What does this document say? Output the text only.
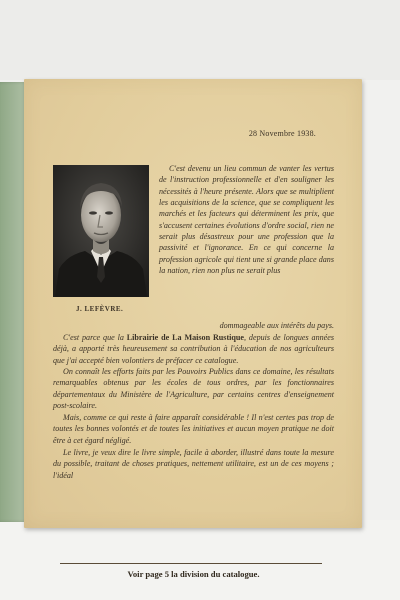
28 Novembre 1938.
J. LEFÈVRE.

C'est devenu un lieu commun de vanter les vertus de l'instruction professionnelle et d'en souligner les nécessités à l'heure présente. Alors que se multiplient les acquisitions de la science, que se compliquent les marchés et les facteurs qui déterminent les prix, que s'accusent certaines évolutions d'ordre social, rien ne serait plus désastreux pour une profession que la passivité et l'ignorance. En ce qui concerne la profession agricole qui tient une si grande place dans la nation, rien non plus ne serait plus

dommageable aux intérêts du pays.

C'est parce que la Librairie de La Maison Rustique, depuis de longues années déjà, a apporté très heureusement sa contribution à l'éducation de nos agriculteurs que j'ai accepté bien volontiers de préfacer ce catalogue.

On connaît les efforts faits par les Pouvoirs Publics dans ce domaine, les résultats remarquables obtenus par les écoles de tous ordres, par les fonctionnaires départementaux du Ministère de l'Agriculture, par certains centres d'enseignement post-scolaire.

Mais, comme ce qui reste à faire apparaît considérable ! Il n'est certes pas trop de toutes les bonnes volontés et de toutes les initiatives et aucun moyen pratique ne doit être à cet égard négligé.

Le livre, je veux dire le livre simple, facile à aborder, illustré dans toute la mesure du possible, traitant de choses pratiques, nettement utilitaire, est un de ces moyens ; l'idéal

Voir page 5 la division du catalogue.
